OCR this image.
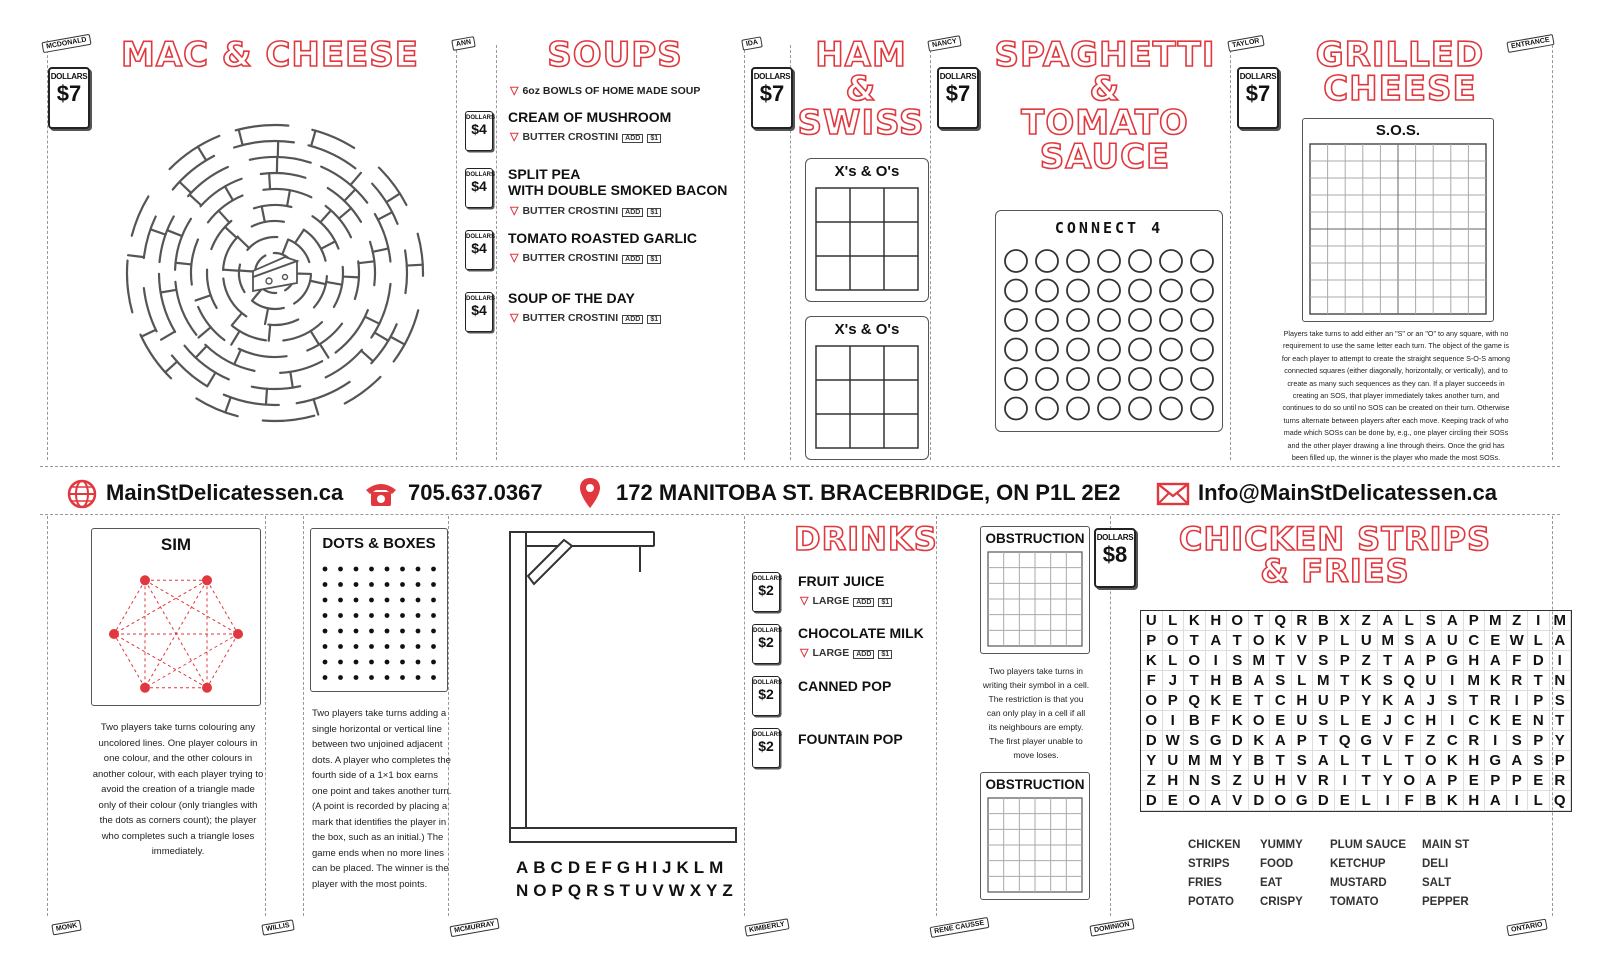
MCDONALD	ANN	IDA	NANCY	TAYLOR	ENTRANCE
MONK	WILLIS	MCMURRAY	KIMBERLY	RENE CAUSSE	DOMINION	ONTARIO
MAC & CHEESE
DOLLARS
$7
SOUPS
▽ 6oz BOWLS OF HOME MADE SOUP
DOLLARS
$4
CREAM OF MUSHROOM
▽ BUTTER CROSTINI ADD $1
DOLLARS
$4
SPLIT PEA
WITH DOUBLE SMOKED BACON
▽ BUTTER CROSTINI ADD $1
DOLLARS
$4
TOMATO ROASTED GARLIC
▽ BUTTER CROSTINI ADD $1
DOLLARS
$4
SOUP OF THE DAY
▽ BUTTER CROSTINI ADD $1
DOLLARS
$7
HAM
&
SWISS
X's & O's
X's & O's
DOLLARS
$7
SPAGHETTI
&
TOMATO
SAUCE
CONNECT 4
DOLLARS
$7
GRILLED
CHEESE
S.O.S.
Players take turns to add either an "S" or an "O" to any square, with no requirement to use the same letter each turn. The object of the game is for each player to attempt to create the straight sequence S-O-S among connected squares (either diagonally, horizontally, or vertically), and to create as many such sequences as they can. If a player succeeds in creating an SOS, that player immediately takes another turn, and continues to do so until no SOS can be created on their turn. Otherwise turns alternate between players after each move. Keeping track of who made which SOSs can be done by, e.g., one player circling their SOSs and the other player drawing a line through theirs. Once the grid has been filled up, the winner is the player who made the most SOSs.
MainStDelicatessen.ca	705.637.0367	172 MANITOBA ST. BRACEBRIDGE, ON P1L 2E2	Info@MainStDelicatessen.ca
SIM
Two players take turns colouring any uncolored lines. One player colours in one colour, and the other colours in another colour, with each player trying to avoid the creation of a triangle made only of their colour (only triangles with the dots as corners count); the player who completes such a triangle loses immediately.
DOTS & BOXES
Two players take turns adding a single horizontal or vertical line between two unjoined adjacent dots. A player who completes the fourth side of a 1×1 box earns one point and takes another turn. (A point is recorded by placing a mark that identifies the player in the box, such as an initial.) The game ends when no more lines can be placed. The winner is the player with the most points.
ABCDEFGHIJKLM
NOPQRSTUVWXYZ
DRINKS
DOLLARS
$2
FRUIT JUICE
▽ LARGE ADD $1
DOLLARS
$2
CHOCOLATE MILK
▽ LARGE ADD $1
DOLLARS
$2	CANNED POP
DOLLARS
$2	FOUNTAIN POP
OBSTRUCTION
Two players take turns in writing their symbol in a cell. The restriction is that you can only play in a cell if all its neighbours are empty. The first player unable to move loses.
OBSTRUCTION
DOLLARS
$8 CHICKEN STRIPS
& FRIES
U L K H O T Q R B X Z A L S A P M Z I M
P O T A T O K V P L U M S A U C E W L A
K L O I S M T V S P Z T A P G H A F D I
F J T H B A S L M T K S Q U I M K R T N
O P Q K E T C H U P Y K A J S T R I P S
O I B F K O E U S L E J C H I C K E N T
D W S G D K A P T Q G V F Z C R I S P Y
Y U M M Y B T S A L T L T O K H G A S P
Z H N S Z U H V R I T Y O A P E P P E R
D E O A V D O G D E L I F B K H A I L Q
CHICKEN
STRIPS
FRIES
POTATO
YUMMY
FOOD
EAT
CRISPY
PLUM SAUCE
KETCHUP
MUSTARD
TOMATO
MAIN ST
DELI
SALT
PEPPER
